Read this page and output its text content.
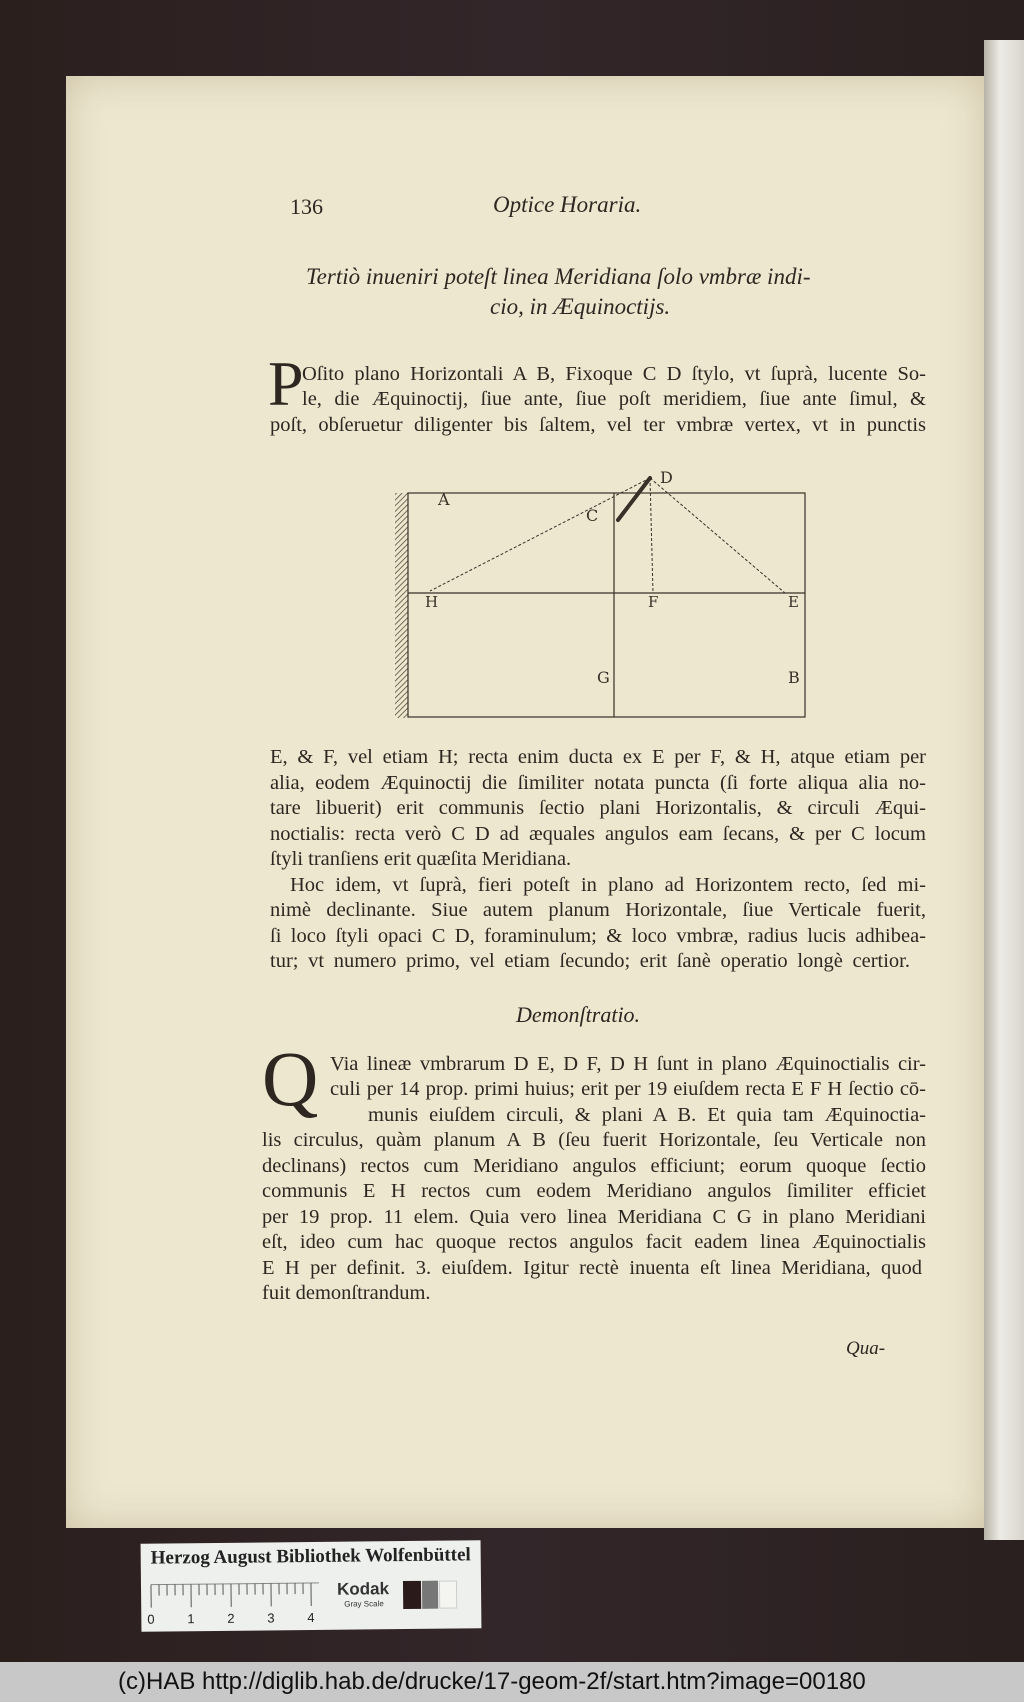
136	Optice Horaria.
Tertiò inueniri poteſt linea Meridiana ſolo vmbræ indi-
cio, in Æquinoctijs.
P
Oſito plano Horizontali A B, Fixoque C D ſtylo, vt ſuprà, lucente So-
le, die Æquinoctij, ſiue ante, ſiue poſt meridiem, ſiue ante ſimul, &
poſt, obſeruetur diligenter bis ſaltem, vel ter vmbræ vertex, vt in punctis
A
C
D
H	F	E
G	B
E, & F, vel etiam H; recta enim ducta ex E per F, & H, atque etiam per
alia, eodem Æquinoctij die ſimiliter notata puncta (ſi forte aliqua alia no-
tare libuerit) erit communis ſectio plani Horizontalis, & circuli Æqui-
noctialis: recta verò C D ad æquales angulos eam ſecans, & per C locum
ſtyli tranſiens erit quæſita Meridiana.
Hoc idem, vt ſuprà, fieri poteſt in plano ad Horizontem recto, ſed mi-
nimè declinante. Siue autem planum Horizontale, ſiue Verticale fuerit,
ſi loco ſtyli opaci C D, foraminulum; & loco vmbræ, radius lucis adhibea-
tur; vt numero primo, vel etiam ſecundo; erit ſanè operatio longè certior.
Demonſtratio.
Q Via lineæ vmbrarum D E, D F, D H ſunt in plano Æquinoctialis cir-
culi per 14 prop. primi huius; erit per 19 eiuſdem recta E F H ſectio cō-
munis eiuſdem circuli, & plani A B. Et quia tam Æquinoctia-
lis circulus, quàm planum A B (ſeu fuerit Horizontale, ſeu Verticale non
declinans) rectos cum Meridiano angulos efficiunt; eorum quoque ſectio
communis E H rectos cum eodem Meridiano angulos ſimiliter efficiet
per 19 prop. 11 elem. Quia vero linea Meridiana C G in plano Meridiani
eſt, ideo cum hac quoque rectos angulos facit eadem linea Æquinoctialis
E H per definit. 3. eiuſdem. Igitur rectè inuenta eſt linea Meridiana, quod
fuit demonſtrandum.
Qua-
Herzog August Bibliothek Wolfenbüttel
0	1	2	3	4
Kodak
Gray Scale
(c)HAB http://diglib.hab.de/drucke/17-geom-2f/start.htm?image=00180
